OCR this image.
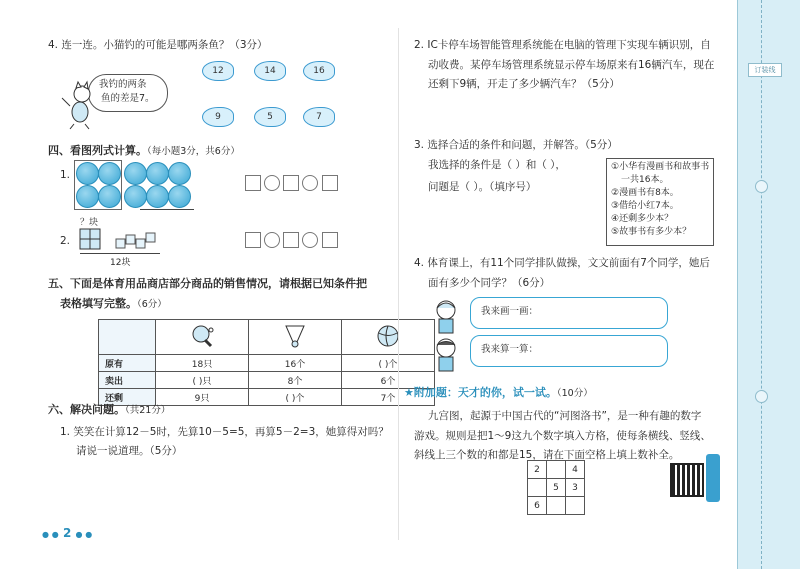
4. 连一连。小猫钓的可能是哪两条鱼？（3分）
我钓的两条
鱼的差是7。
12	14	16
9	5	7
四、看图列式计算。（每小题3分，共6分）
1.
2.
？块
12块
五、下面是体育用品商店部分商品的销售情况，请根据已知条件把
表格填写完整。（6分）

原有	18只	16个	( )个
卖出	( )只	8个	6个
还剩	9只	( )个	7个
六、解决问题。（共21分）
1. 笑笑在计算12－5时，先算10－5=5，再算5－2=3，她算得对吗？
请说一说道理。（5分）
● ● 2 ● ●
2. IC卡停车场智能管理系统能在电脑的管理下实现车辆识别，自
动收费。某停车场管理系统显示停车场原来有16辆汽车，现在
还剩下9辆，开走了多少辆汽车？（5分）
3. 选择合适的条件和问题，并解答。（5分）
我选择的条件是（ ）和（ ），
问题是（ ）。（填序号）
①小华有漫画书和故事书
一共16本。
②漫画书有8本。
③借给小红7本。
④还剩多少本？
⑤故事书有多少本？
4. 体育课上，有11个同学排队做操，文文前面有7个同学，她后
面有多少个同学？（6分）
我来画一画：
我来算一算：
★附加题：天才的你，试一试。（10分）
九宫图，起源于中国古代的“河图洛书”，是一种有趣的数字
游戏。规则是把1～9这九个数字填入方格，使每条横线、竖线、
斜线上三个数的和都是15，请在下面空格上填上数补全。
2		4
	5	3
6		
订装线
